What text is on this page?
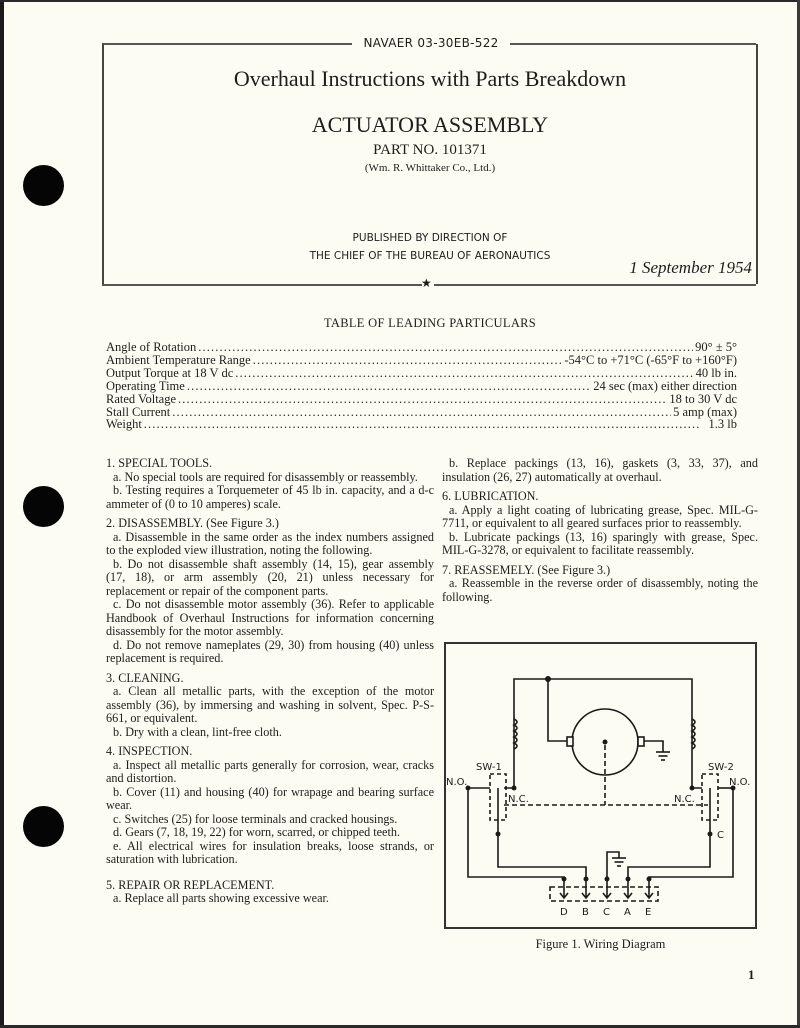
NAVAER 03-30EB-522
Overhaul Instructions with Parts Breakdown
ACTUATOR ASSEMBLY
PART NO. 101371
(Wm. R. Whittaker Co., Ltd.)
PUBLISHED BY DIRECTION OF
THE CHIEF OF THE BUREAU OF AERONAUTICS
1 September 1954
★
TABLE OF LEADING PARTICULARS
Angle of Rotation . . .	90° ± 5°
Ambient Temperature Range . . .	-54°C to +71°C (-65°F to +160°F)
Output Torque at 18 V dc . . .	40 lb in.
Operating Time . . .	24 sec (max) either direction
Rated Voltage . . .	18 to 30 V dc
Stall Current . . .	5 amp (max)
Weight . . .	1.3 lb
1. SPECIAL TOOLS.
a. No special tools are required for disassembly or reassembly.
b. Testing requires a Torquemeter of 45 lb in. capacity, and a d-c ammeter of (0 to 10 amperes) scale.
2. DISASSEMBLY. (See Figure 3.)
a. Disassemble in the same order as the index numbers assigned to the exploded view illustration, noting the following.
b. Do not disassemble shaft assembly (14, 15), gear assembly (17, 18), or arm assembly (20, 21) unless necessary for replacement or repair of the component parts.
c. Do not disassemble motor assembly (36). Refer to applicable Handbook of Overhaul Instructions for information concerning disassembly for the motor assembly.
d. Do not remove nameplates (29, 30) from housing (40) unless replacement is required.
3. CLEANING.
a. Clean all metallic parts, with the exception of the motor assembly (36), by immersing and washing in solvent, Spec. P-S-661, or equivalent.
b. Dry with a clean, lint-free cloth.
4. INSPECTION.
a. Inspect all metallic parts generally for corrosion, wear, cracks and distortion.
b. Cover (11) and housing (40) for wrapage and bearing surface wear.
c. Switches (25) for loose terminals and cracked housings.
d. Gears (7, 18, 19, 22) for worn, scarred, or chipped teeth.
e. All electrical wires for insulation breaks, loose strands, or saturation with lubrication.
5. REPAIR OR REPLACEMENT.
a. Replace all parts showing excessive wear.
b. Replace packings (13, 16), gaskets (3, 33, 37), and insulation (26, 27) automatically at overhaul.
6. LUBRICATION.
a. Apply a light coating of lubricating grease, Spec. MIL-G-7711, or equivalent to all geared surfaces prior to reassembly.
b. Lubricate packings (13, 16) sparingly with grease, Spec. MIL-G-3278, or equivalent to facilitate reassembly.
7. REASSEMELY. (See Figure 3.)
a. Reassemble in the reverse order of disassembly, noting the following.
SW-1
N.O.
N.C.
SW-2
N.O.
N.C.
C
D B C A E
Figure 1. Wiring Diagram
1
